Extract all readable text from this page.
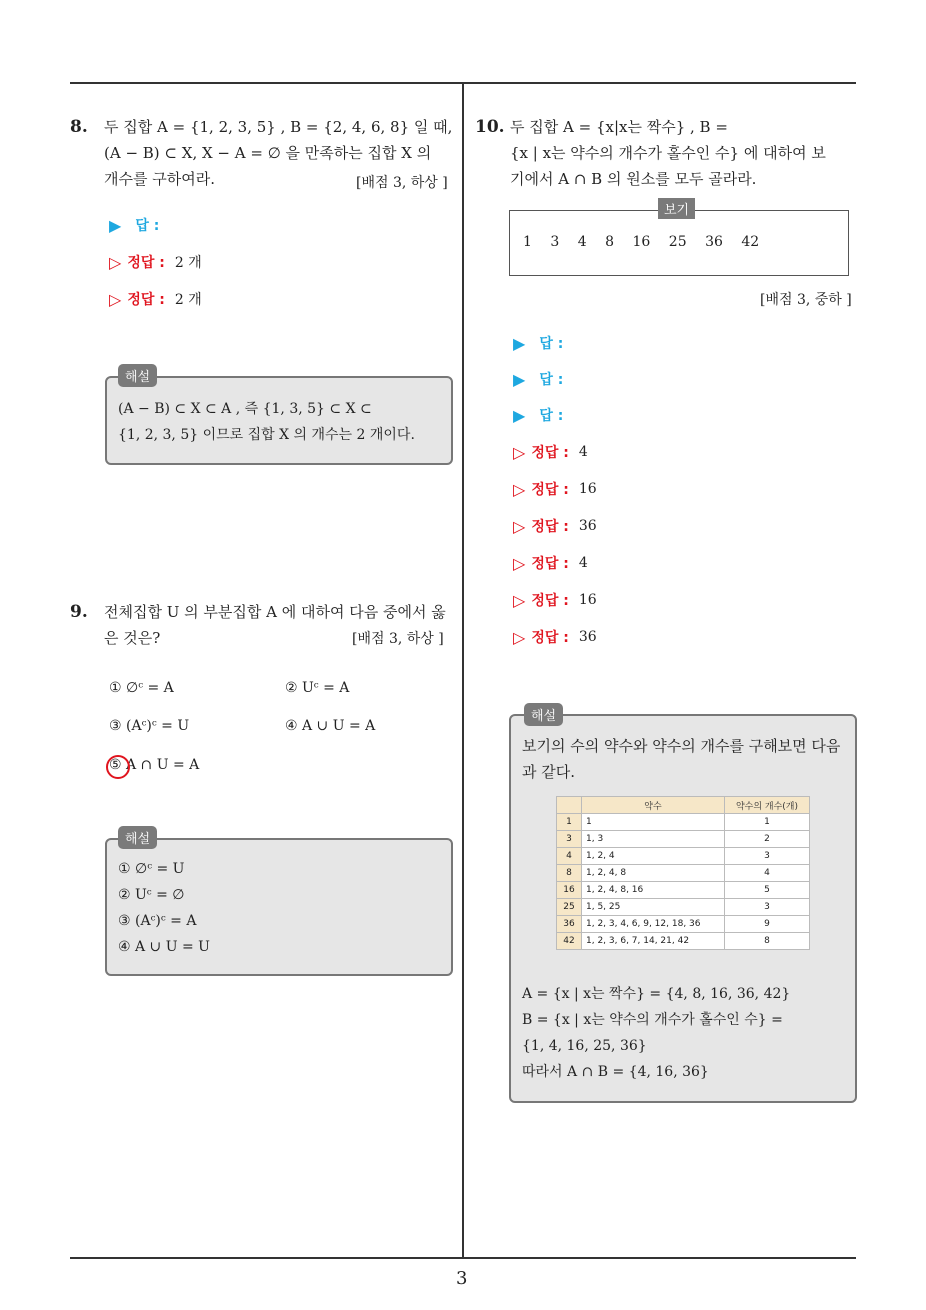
8. 두 집합 A = {1, 2, 3, 5} , B = {2, 4, 6, 8} 일 때,
(A − B) ⊂ X, X − A = ∅ 을 만족하는 집합 X 의
개수를 구하여라.	[배점 3, 하상 ]
▶ 답 :
▷ 정답 : 2 개
▷ 정답 : 2 개
해설
(A − B) ⊂ X ⊂ A , 즉 {1, 3, 5} ⊂ X ⊂
{1, 2, 3, 5} 이므로 집합 X 의 개수는 2 개이다.
9. 전체집합 U 의 부분집합 A 에 대하여 다음 중에서 옳
은 것은?	[배점 3, 하상 ]
① ∅ᶜ = A	② Uᶜ = A
③ (Aᶜ)ᶜ = U	④ A ∪ U = A
⑤ A ∩ U = A
해설
① ∅ᶜ = U
② Uᶜ = ∅
③ (Aᶜ)ᶜ = A
④ A ∪ U = U
10. 두 집합 A = {x|x는 짝수} , B =
{x | x는 약수의 개수가 홀수인 수} 에 대하여 보
기에서 A ∩ B 의 원소를 모두 골라라.
보기
1 3 4 8 16 25 36 42
[배점 3, 중하 ]
▶ 답 :
▶ 답 :
▶ 답 :
▷ 정답 : 4
▷ 정답 : 16
▷ 정답 : 36
▷ 정답 : 4
▷ 정답 : 16
▷ 정답 : 36
해설
보기의 수의 약수와 약수의 개수를 구해보면 다음
과 같다.
	약수	약수의 개수(개)
1	1	1
3	1, 3	2
4	1, 2, 4	3
8	1, 2, 4, 8	4
16	1, 2, 4, 8, 16	5
25	1, 5, 25	3
36	1, 2, 3, 4, 6, 9, 12, 18, 36	9
42	1, 2, 3, 6, 7, 14, 21, 42	8
A = {x | x는 짝수} = {4, 8, 16, 36, 42}
B = {x | x는 약수의 개수가 홀수인 수} =
{1, 4, 16, 25, 36}
따라서 A ∩ B = {4, 16, 36}
3
